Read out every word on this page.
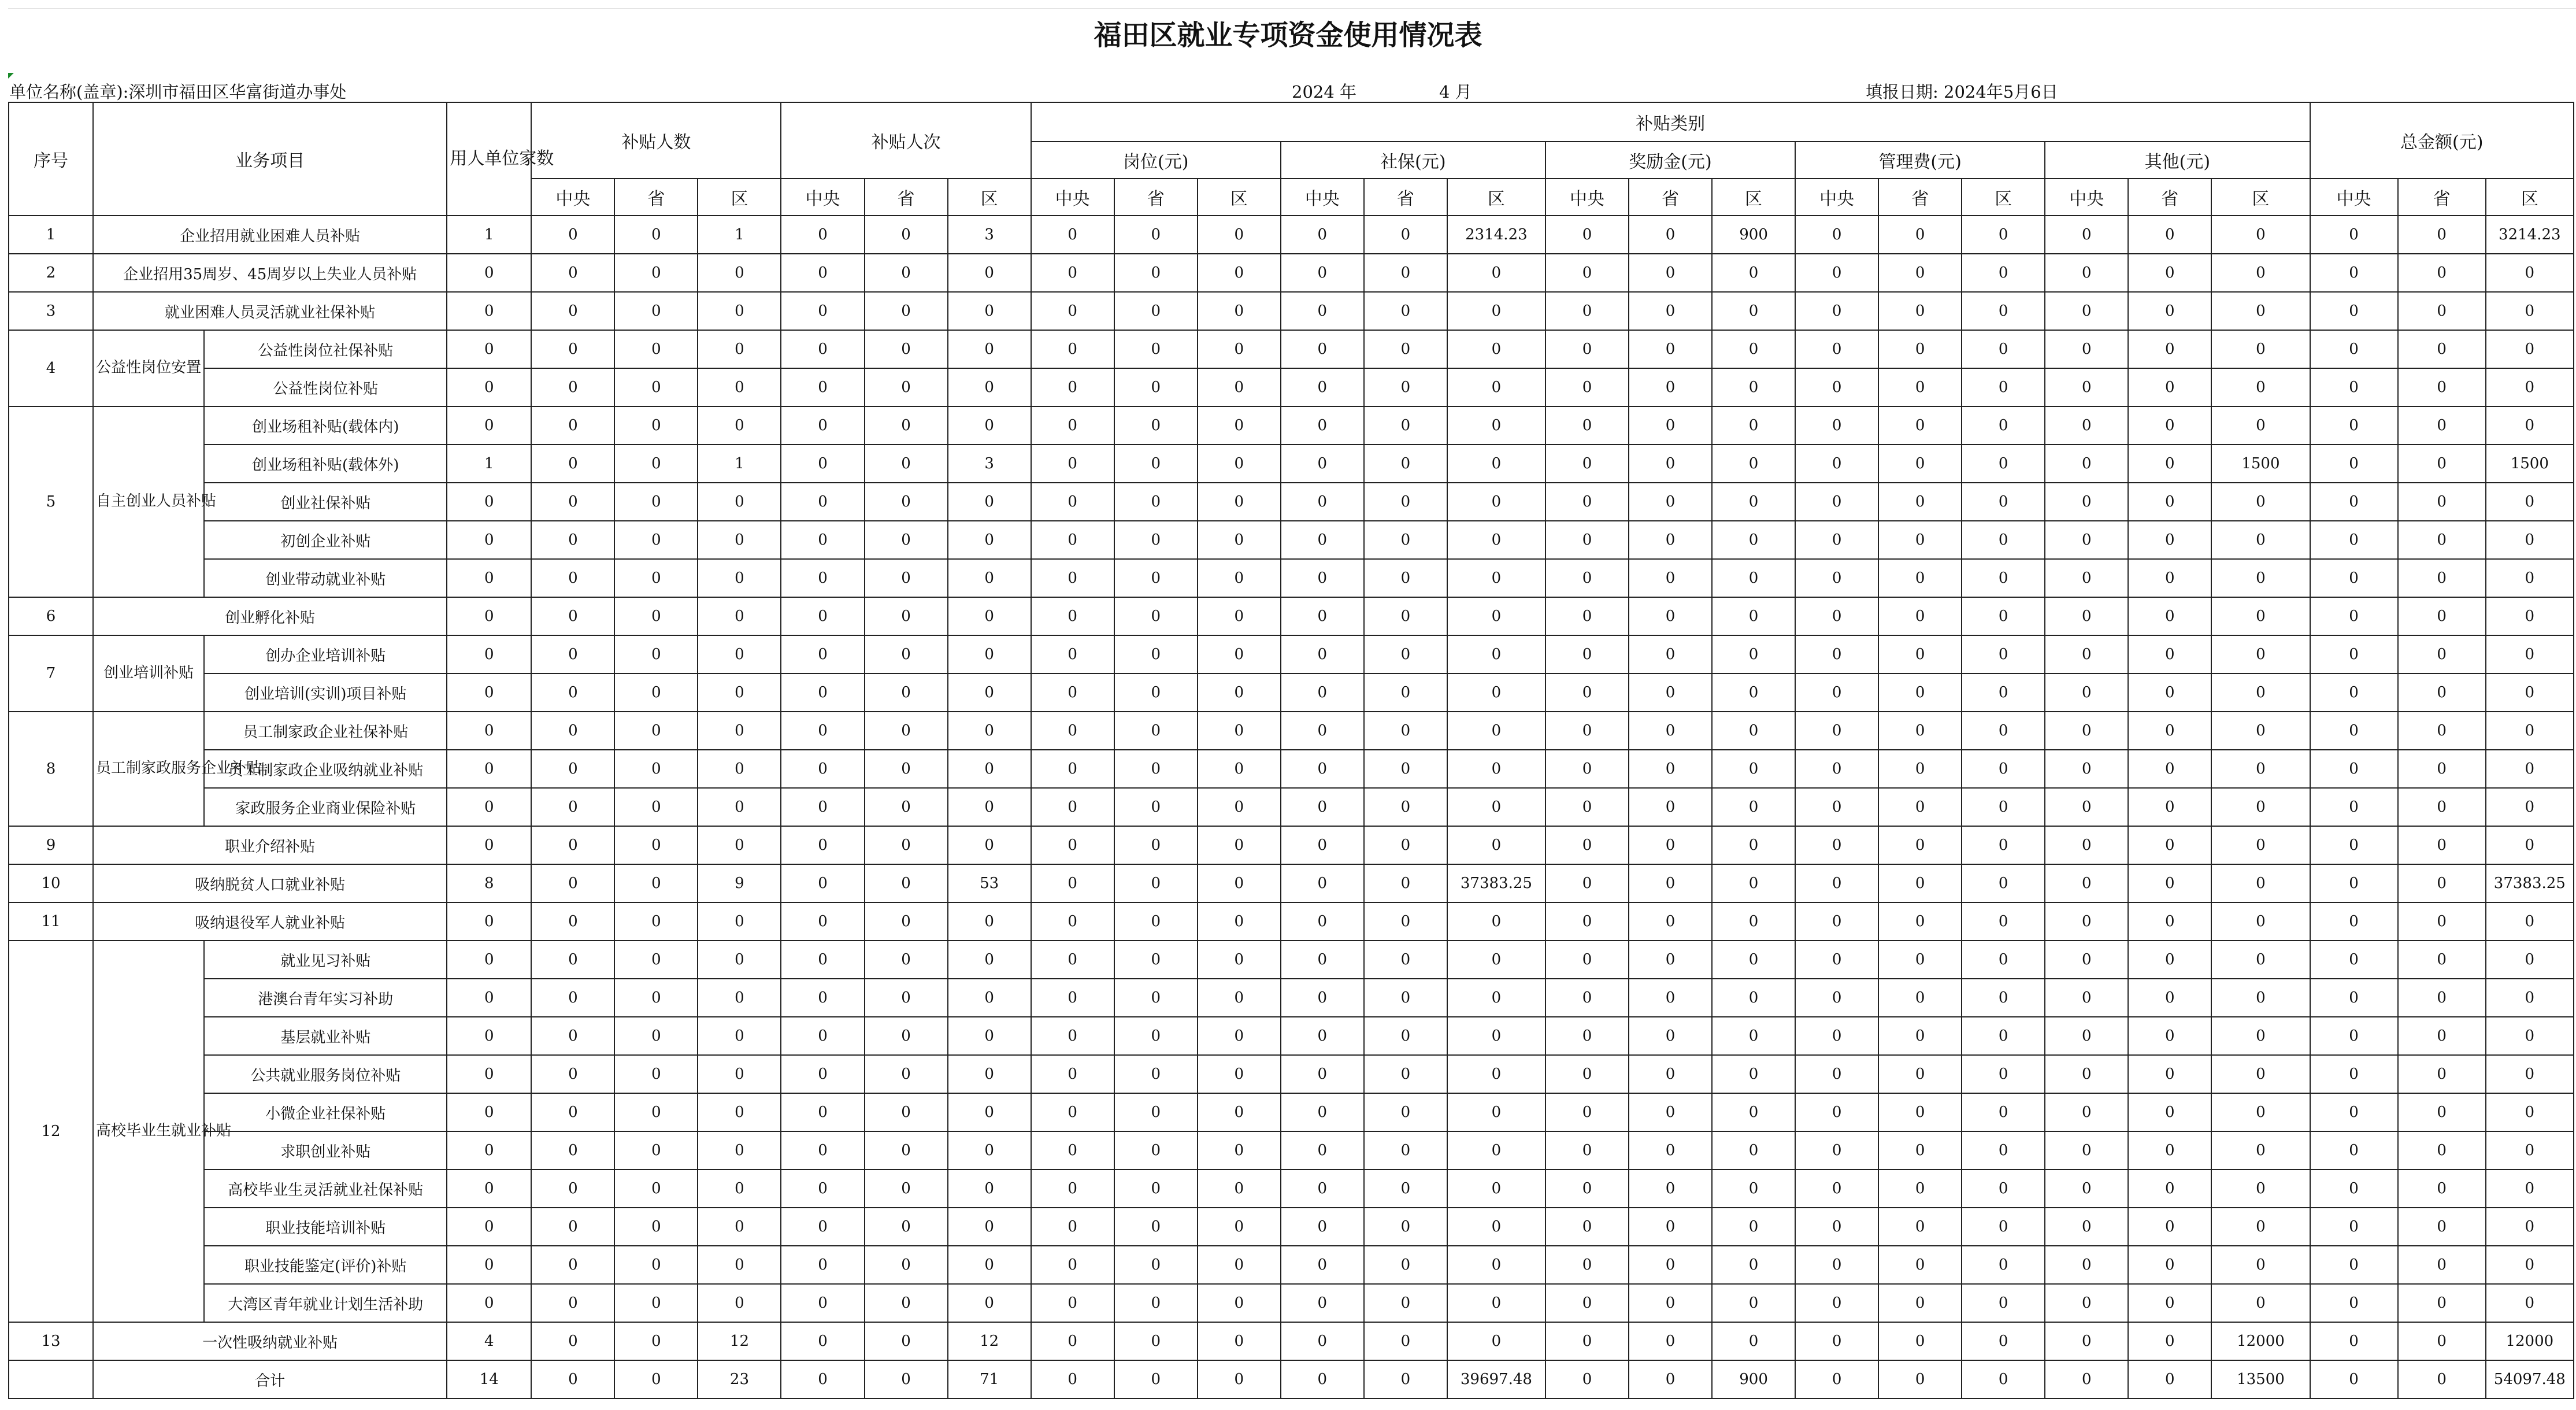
福田区就业专项资金使用情况表
单位名称(盖章):深圳市福田区华富街道办事处	2024 年	4 月	填报日期: 2024年5月6日
序号	业务项目		用人单位家数	补贴人数			补贴人次			补贴类别															总金额(元)		
										岗位(元)			社保(元)			奖励金(元)			管理费(元)			其他(元)					
				中央	省	区	中央	省	区	中央	省	区	中央	省	区	中央	省	区	中央	省	区	中央	省	区	中央	省	区
1	企业招用就业困难人员补贴		1	0	0	1	0	0	3	0	0	0	0	0	2314.23	0	0	900	0	0	0	0	0	0	0	0	3214.23
2	企业招用35周岁、45周岁以上失业人员补贴		0	0	0	0	0	0	0	0	0	0	0	0	0	0	0	0	0	0	0	0	0	0	0	0	0
3	就业困难人员灵活就业社保补贴		0	0	0	0	0	0	0	0	0	0	0	0	0	0	0	0	0	0	0	0	0	0	0	0	0
4	公益性岗位安置	公益性岗位社保补贴	0	0	0	0	0	0	0	0	0	0	0	0	0	0	0	0	0	0	0	0	0	0	0	0	0
		公益性岗位补贴	0	0	0	0	0	0	0	0	0	0	0	0	0	0	0	0	0	0	0	0	0	0	0	0	0
5	自主创业人员补贴	创业场租补贴(载体内)	0	0	0	0	0	0	0	0	0	0	0	0	0	0	0	0	0	0	0	0	0	0	0	0	0
		创业场租补贴(载体外)	1	0	0	1	0	0	3	0	0	0	0	0	0	0	0	0	0	0	0	0	0	1500	0	0	1500
		创业社保补贴	0	0	0	0	0	0	0	0	0	0	0	0	0	0	0	0	0	0	0	0	0	0	0	0	0
		初创企业补贴	0	0	0	0	0	0	0	0	0	0	0	0	0	0	0	0	0	0	0	0	0	0	0	0	0
		创业带动就业补贴	0	0	0	0	0	0	0	0	0	0	0	0	0	0	0	0	0	0	0	0	0	0	0	0	0
6	创业孵化补贴		0	0	0	0	0	0	0	0	0	0	0	0	0	0	0	0	0	0	0	0	0	0	0	0	0
7	创业培训补贴	创办企业培训补贴	0	0	0	0	0	0	0	0	0	0	0	0	0	0	0	0	0	0	0	0	0	0	0	0	0
		创业培训(实训)项目补贴	0	0	0	0	0	0	0	0	0	0	0	0	0	0	0	0	0	0	0	0	0	0	0	0	0
8	员工制家政服务企业补贴	员工制家政企业社保补贴	0	0	0	0	0	0	0	0	0	0	0	0	0	0	0	0	0	0	0	0	0	0	0	0	0
		员工制家政企业吸纳就业补贴	0	0	0	0	0	0	0	0	0	0	0	0	0	0	0	0	0	0	0	0	0	0	0	0	0
		家政服务企业商业保险补贴	0	0	0	0	0	0	0	0	0	0	0	0	0	0	0	0	0	0	0	0	0	0	0	0	0
9	职业介绍补贴		0	0	0	0	0	0	0	0	0	0	0	0	0	0	0	0	0	0	0	0	0	0	0	0	0
10	吸纳脱贫人口就业补贴		8	0	0	9	0	0	53	0	0	0	0	0	37383.25	0	0	0	0	0	0	0	0	0	0	0	37383.25
11	吸纳退役军人就业补贴		0	0	0	0	0	0	0	0	0	0	0	0	0	0	0	0	0	0	0	0	0	0	0	0	0
12	高校毕业生就业补贴	就业见习补贴	0	0	0	0	0	0	0	0	0	0	0	0	0	0	0	0	0	0	0	0	0	0	0	0	0
		港澳台青年实习补助	0	0	0	0	0	0	0	0	0	0	0	0	0	0	0	0	0	0	0	0	0	0	0	0	0
		基层就业补贴	0	0	0	0	0	0	0	0	0	0	0	0	0	0	0	0	0	0	0	0	0	0	0	0	0
		公共就业服务岗位补贴	0	0	0	0	0	0	0	0	0	0	0	0	0	0	0	0	0	0	0	0	0	0	0	0	0
		小微企业社保补贴	0	0	0	0	0	0	0	0	0	0	0	0	0	0	0	0	0	0	0	0	0	0	0	0	0
		求职创业补贴	0	0	0	0	0	0	0	0	0	0	0	0	0	0	0	0	0	0	0	0	0	0	0	0	0
		高校毕业生灵活就业社保补贴	0	0	0	0	0	0	0	0	0	0	0	0	0	0	0	0	0	0	0	0	0	0	0	0	0
		职业技能培训补贴	0	0	0	0	0	0	0	0	0	0	0	0	0	0	0	0	0	0	0	0	0	0	0	0	0
		职业技能鉴定(评价)补贴	0	0	0	0	0	0	0	0	0	0	0	0	0	0	0	0	0	0	0	0	0	0	0	0	0
		大湾区青年就业计划生活补助	0	0	0	0	0	0	0	0	0	0	0	0	0	0	0	0	0	0	0	0	0	0	0	0	0
13	一次性吸纳就业补贴		4	0	0	12	0	0	12	0	0	0	0	0	0	0	0	0	0	0	0	0	0	12000	0	0	12000
	合计		14	0	0	23	0	0	71	0	0	0	0	0	39697.48	0	0	900	0	0	0	0	0	13500	0	0	54097.48
